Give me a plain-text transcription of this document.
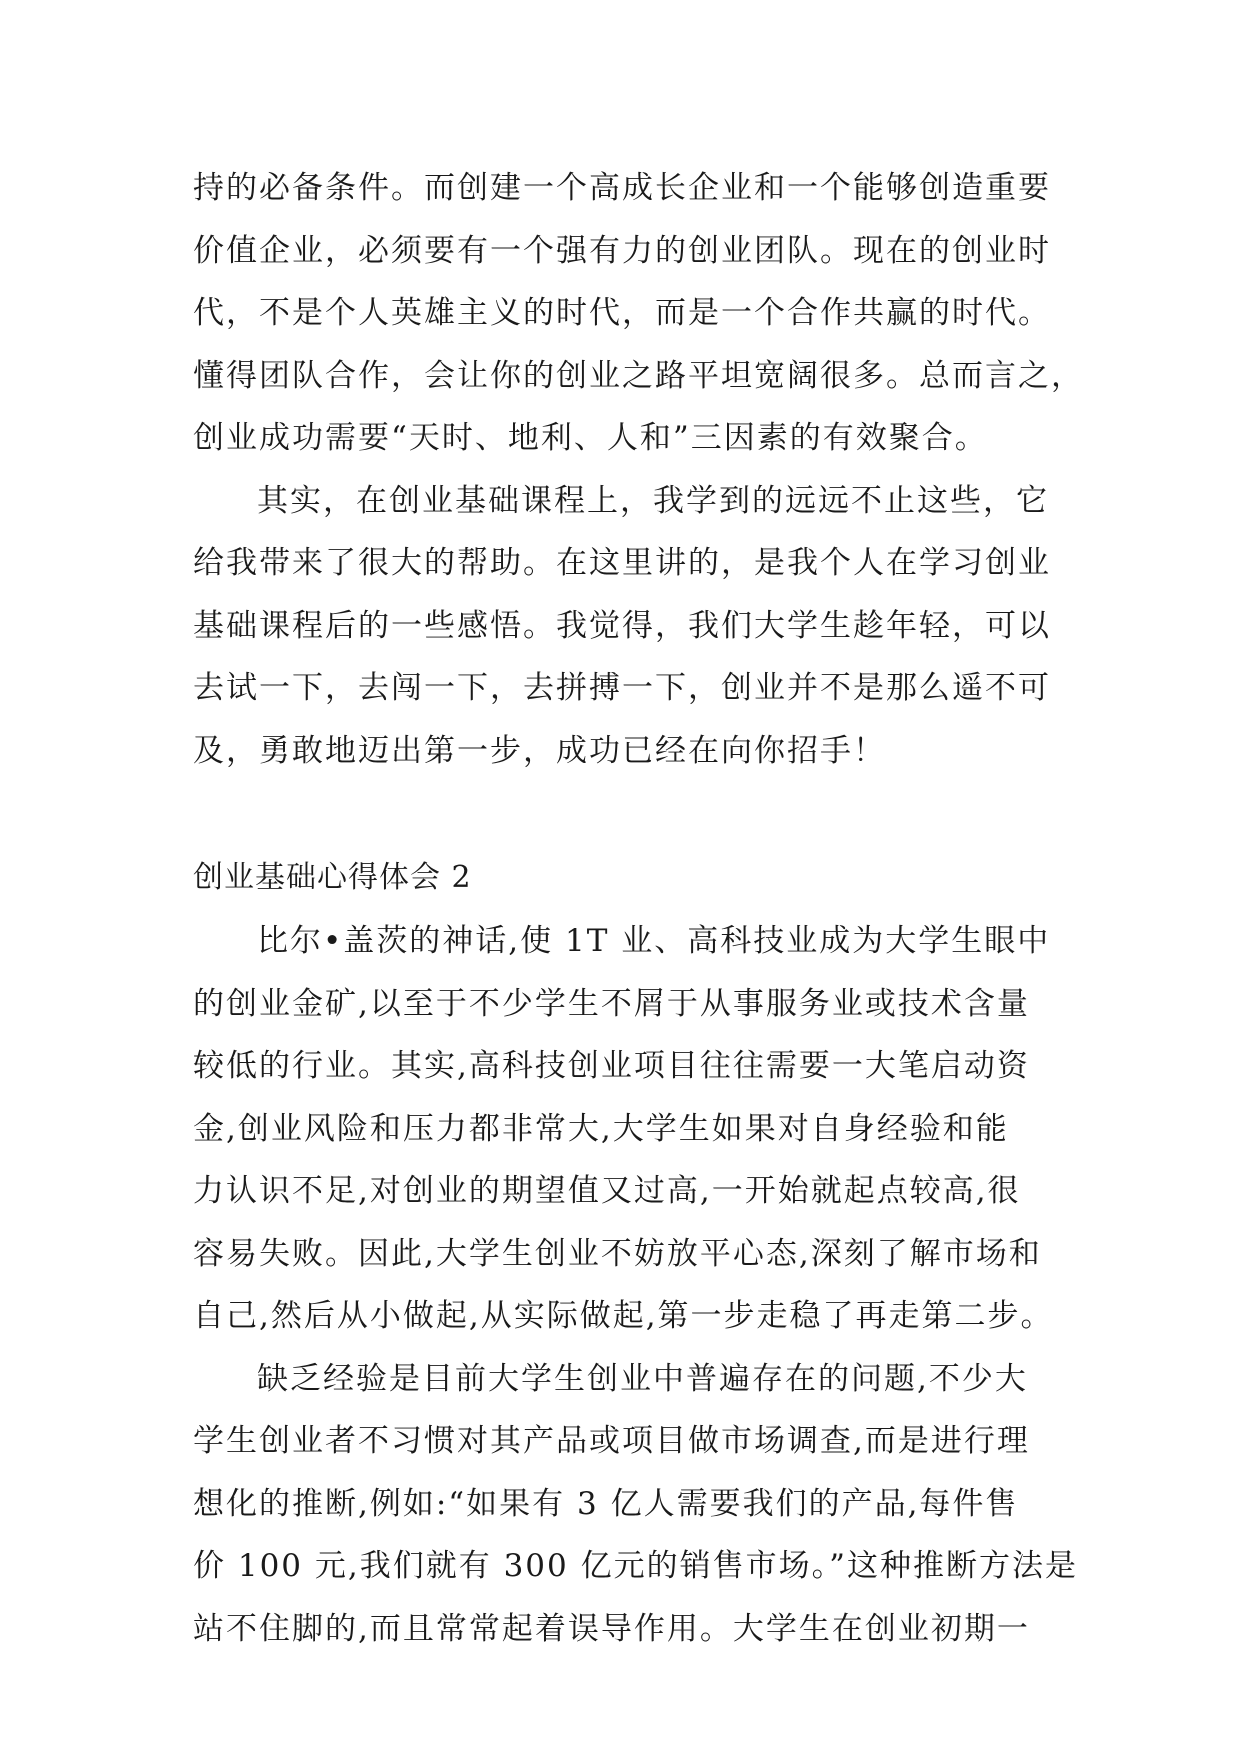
持的必备条件。而创建一个高成长企业和一个能够创造重要
价值企业，必须要有一个强有力的创业团队。现在的创业时
代，不是个人英雄主义的时代，而是一个合作共赢的时代。
懂得团队合作，会让你的创业之路平坦宽阔很多。总而言之，
创业成功需要“天时、地利、人和”三因素的有效聚合。
其实，在创业基础课程上，我学到的远远不止这些，它
给我带来了很大的帮助。在这里讲的，是我个人在学习创业
基础课程后的一些感悟。我觉得，我们大学生趁年轻，可以
去试一下，去闯一下，去拼搏一下，创业并不是那么遥不可
及，勇敢地迈出第一步，成功已经在向你招手！
创业基础心得体会 2
比尔•盖茨的神话,使 1T 业、高科技业成为大学生眼中
的创业金矿,以至于不少学生不屑于从事服务业或技术含量
较低的行业。其实,高科技创业项目往往需要一大笔启动资
金,创业风险和压力都非常大,大学生如果对自身经验和能
力认识不足,对创业的期望值又过高,一开始就起点较高,很
容易失败。因此,大学生创业不妨放平心态,深刻了解市场和
自己,然后从小做起,从实际做起,第一步走稳了再走第二步。
缺乏经验是目前大学生创业中普遍存在的问题,不少大
学生创业者不习惯对其产品或项目做市场调查,而是进行理
想化的推断,例如:“如果有 3 亿人需要我们的产品,每件售
价 100 元,我们就有 300 亿元的销售市场。”这种推断方法是
站不住脚的,而且常常起着误导作用。大学生在创业初期一
